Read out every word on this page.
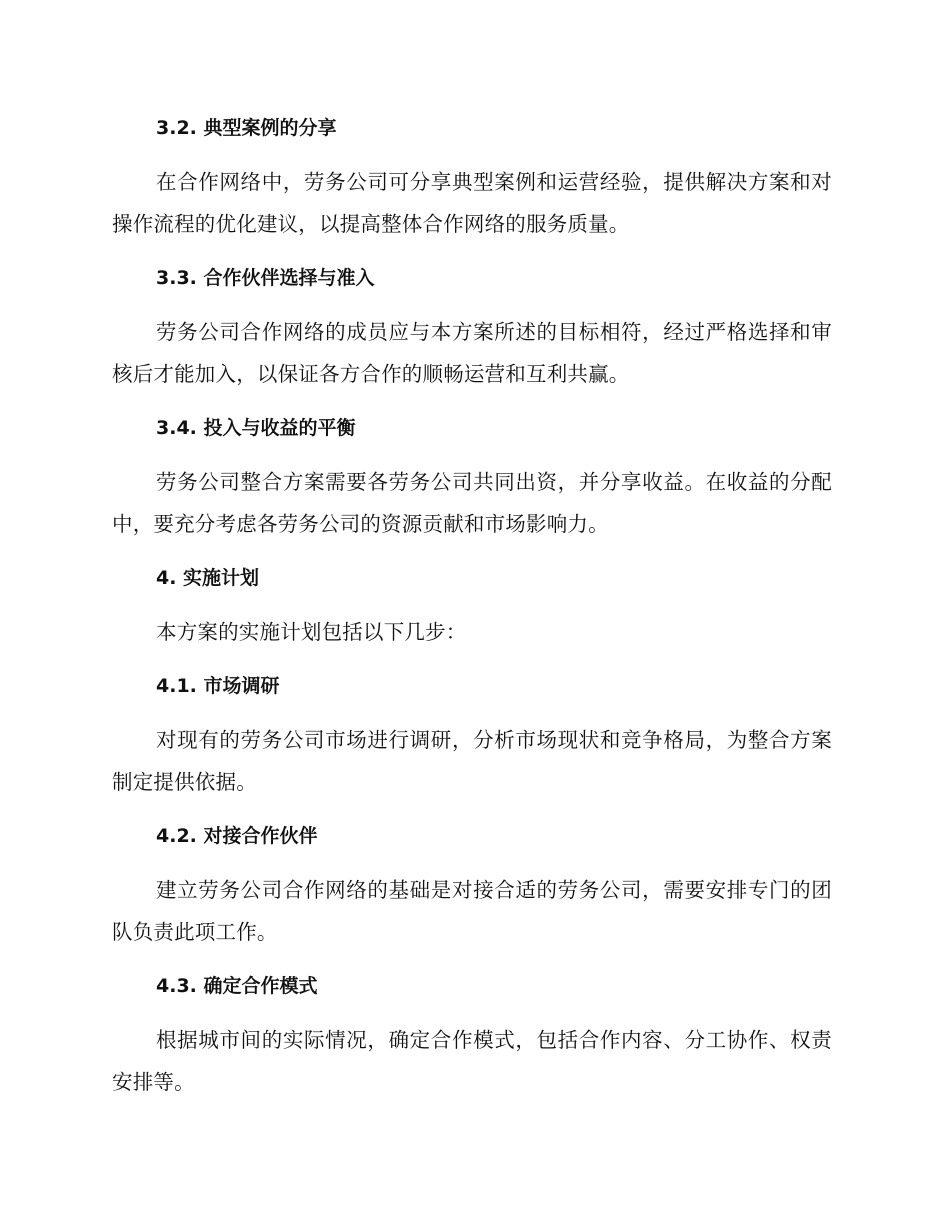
3.2. 典型案例的分享

在合作网络中，劳务公司可分享典型案例和运营经验，提供解决方案和对操作流程的优化建议，以提高整体合作网络的服务质量。

3.3. 合作伙伴选择与准入

劳务公司合作网络的成员应与本方案所述的目标相符，经过严格选择和审核后才能加入，以保证各方合作的顺畅运营和互利共赢。

3.4. 投入与收益的平衡

劳务公司整合方案需要各劳务公司共同出资，并分享收益。在收益的分配中，要充分考虑各劳务公司的资源贡献和市场影响力。

4. 实施计划

本方案的实施计划包括以下几步：

4.1. 市场调研

对现有的劳务公司市场进行调研，分析市场现状和竞争格局，为整合方案制定提供依据。

4.2. 对接合作伙伴

建立劳务公司合作网络的基础是对接合适的劳务公司，需要安排专门的团队负责此项工作。

4.3. 确定合作模式

根据城市间的实际情况，确定合作模式，包括合作内容、分工协作、权责安排等。
